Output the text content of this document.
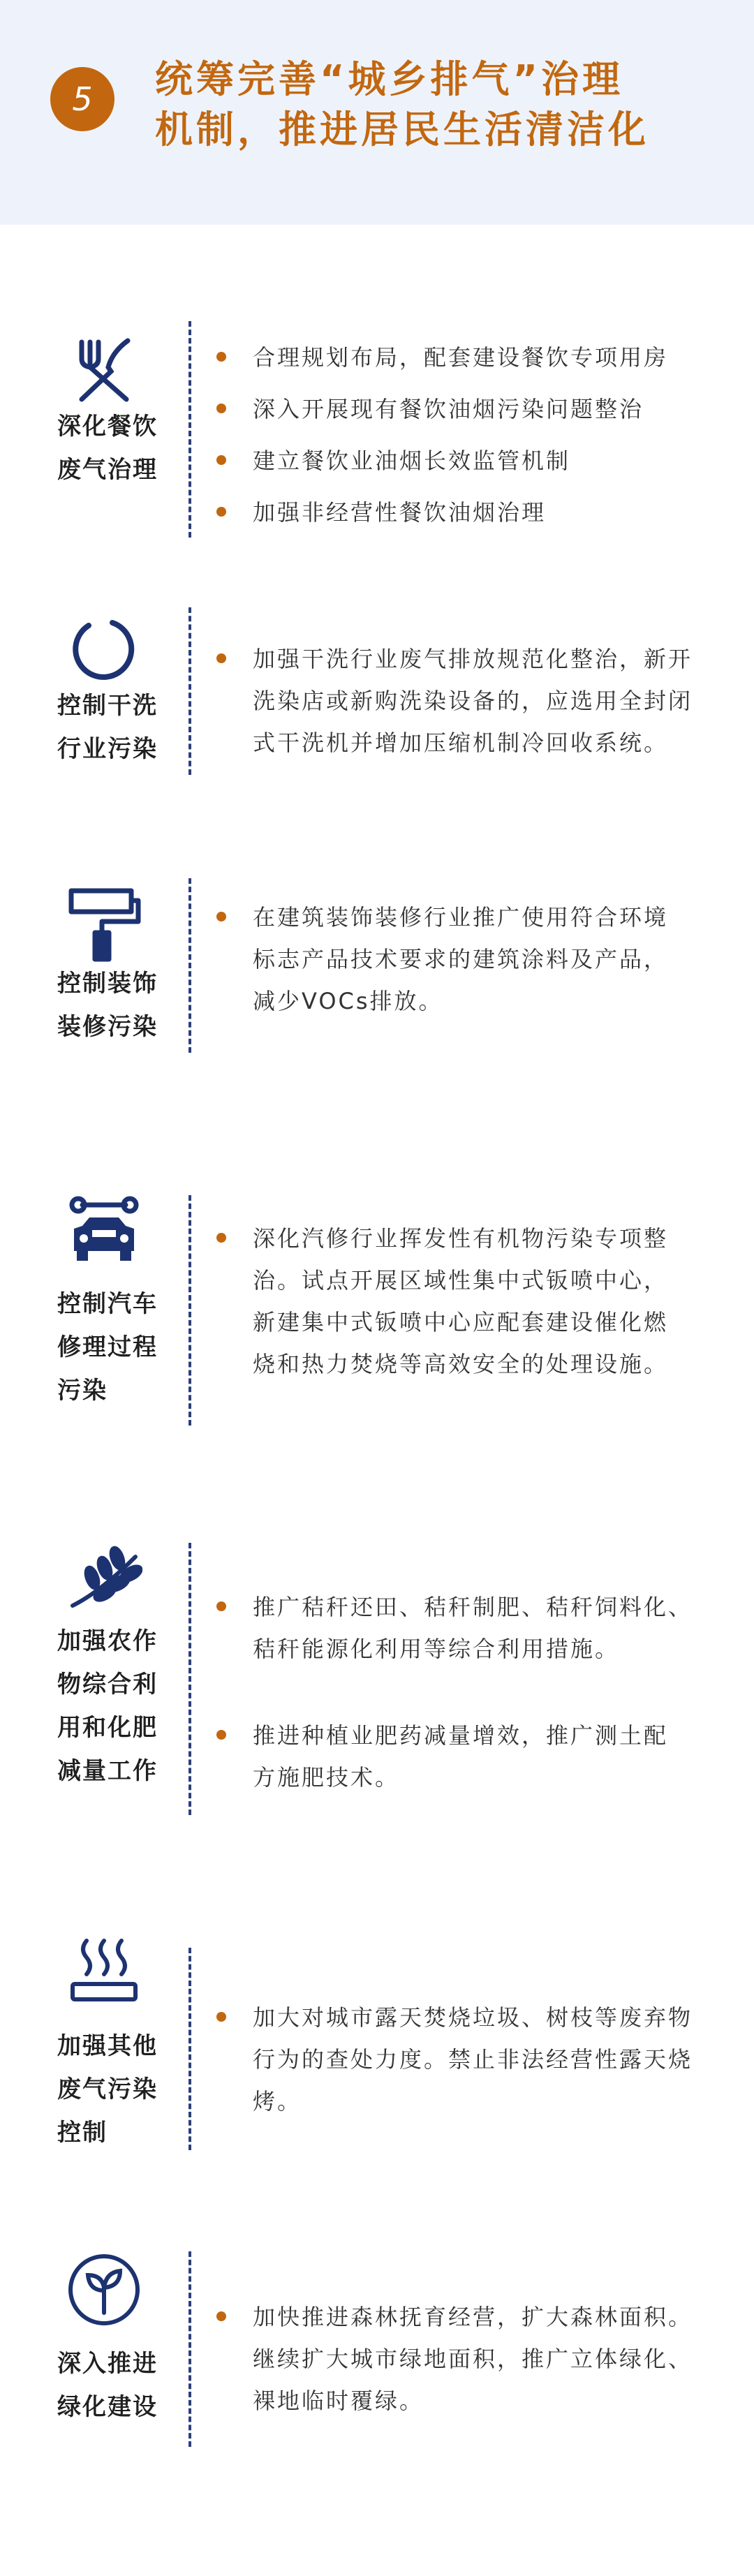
5	统筹完善“城乡排气”治理
机制，推进居民生活清洁化
深化餐饮
废气治理
合理规划布局，配套建设餐饮专项用房
深入开展现有餐饮油烟污染问题整治
建立餐饮业油烟长效监管机制
加强非经营性餐饮油烟治理
控制干洗
行业污染
加强干洗行业废气排放规范化整治，新开
洗染店或新购洗染设备的，应选用全封闭
式干洗机并增加压缩机制冷回收系统。
控制装饰
装修污染
在建筑装饰装修行业推广使用符合环境
标志产品技术要求的建筑涂料及产品，
减少VOCs排放。
控制汽车
修理过程
污染
深化汽修行业挥发性有机物污染专项整
治。试点开展区域性集中式钣喷中心，
新建集中式钣喷中心应配套建设催化燃
烧和热力焚烧等高效安全的处理设施。
加强农作
物综合利
用和化肥
减量工作
推广秸秆还田、秸秆制肥、秸秆饲料化、
秸秆能源化利用等综合利用措施。
推进种植业肥药减量增效，推广测土配
方施肥技术。
加强其他
废气污染
控制
加大对城市露天焚烧垃圾、树枝等废弃物
行为的查处力度。禁止非法经营性露天烧
烤。
深入推进
绿化建设
加快推进森林抚育经营，扩大森林面积。
继续扩大城市绿地面积，推广立体绿化、
裸地临时覆绿。
